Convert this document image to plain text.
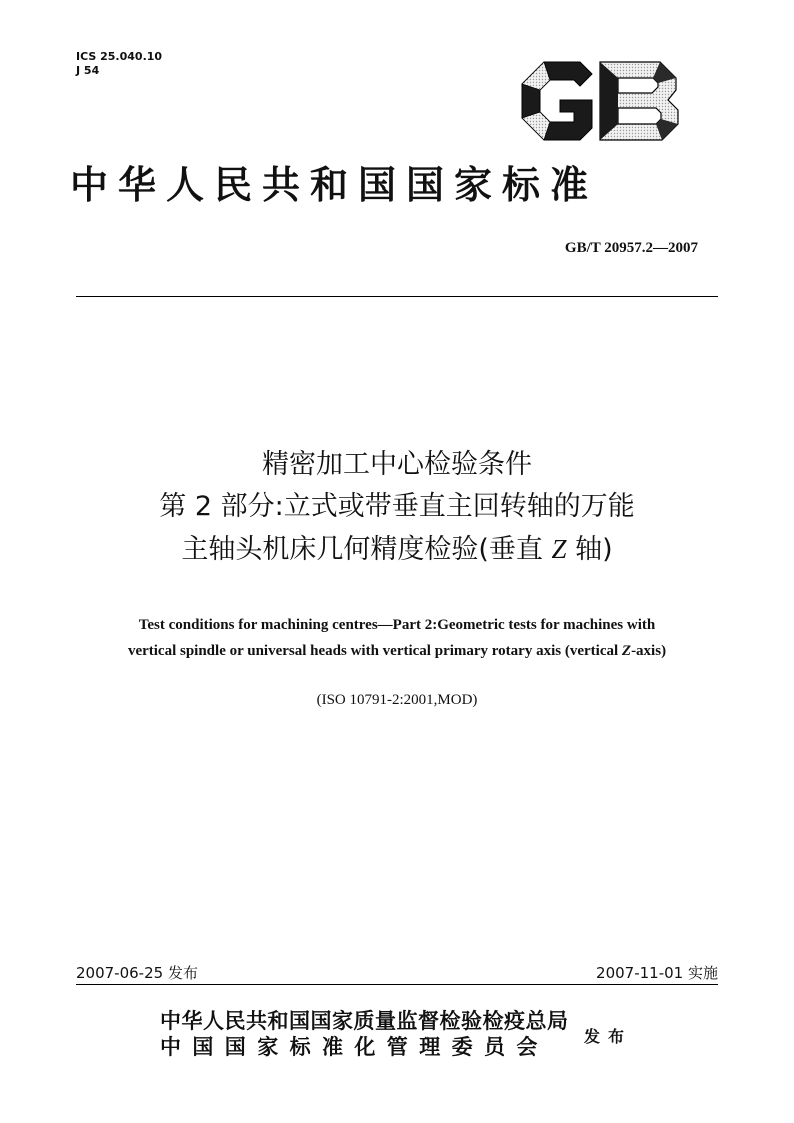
ICS 25.040.10
J 54
中华人民共和国国家标准
GB/T 20957.2—2007
精密加工中心检验条件
第 2 部分:立式或带垂直主回转轴的万能
主轴头机床几何精度检验(垂直 Z 轴)
Test conditions for machining centres—Part 2:Geometric tests for machines with
vertical spindle or universal heads with vertical primary rotary axis (vertical Z-axis)
(ISO 10791-2:2001,MOD)
2007-06-25 发布	2007-11-01 实施
中华人民共和国国家质量监督检验检疫总局
中国国家标准化管理委员会	发布
